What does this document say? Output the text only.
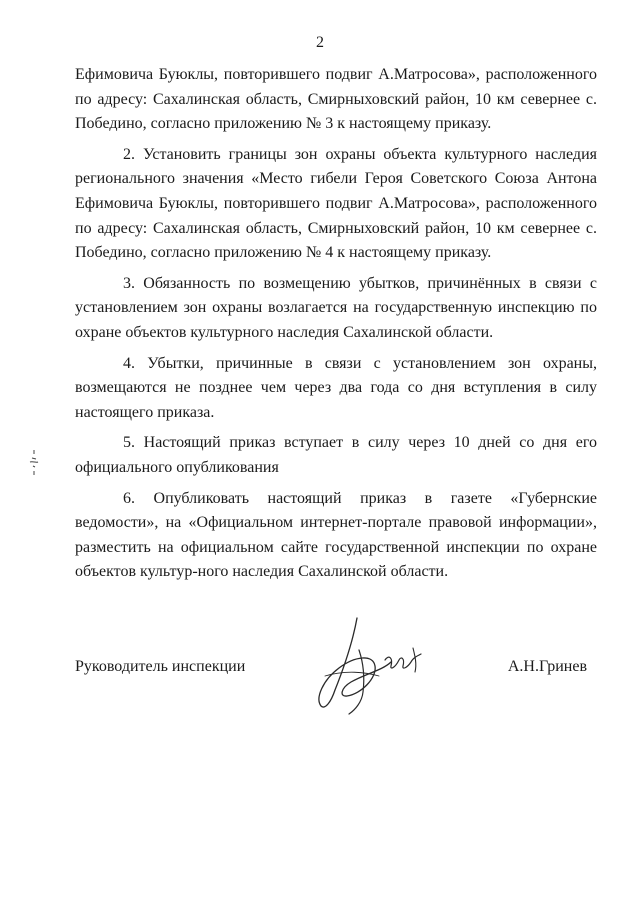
2

Ефимовича Буюклы, повторившего подвиг А.Матросова», расположенного по адресу: Сахалинская область, Смирныховский район, 10 км севернее с. Победино, согласно приложению № 3 к настоящему приказу.

2. Установить границы зон охраны объекта культурного наследия регионального значения «Место гибели Героя Советского Союза Антона Ефимовича Буюклы, повторившего подвиг А.Матросова», расположенного по адресу: Сахалинская область, Смирныховский район, 10 км севернее с. Победино, согласно приложению № 4 к настоящему приказу.

3. Обязанность по возмещению убытков, причинённых в связи с установлением зон охраны возлагается на государственную инспекцию по охране объектов культурного наследия Сахалинской области.

4. Убытки, причинные в связи с установлением зон охраны, возмещаются не позднее чем через два года со дня вступления в силу настоящего приказа.

5. Настоящий приказ вступает в силу через 10 дней со дня его официального опубликования

6. Опубликовать настоящий приказ в газете «Губернские ведомости», на «Официальном интернет-портале правовой информации», разместить на официальном сайте государственной инспекции по охране объектов культур-ного наследия Сахалинской области.

Руководитель инспекции	А.Н.Гринев
